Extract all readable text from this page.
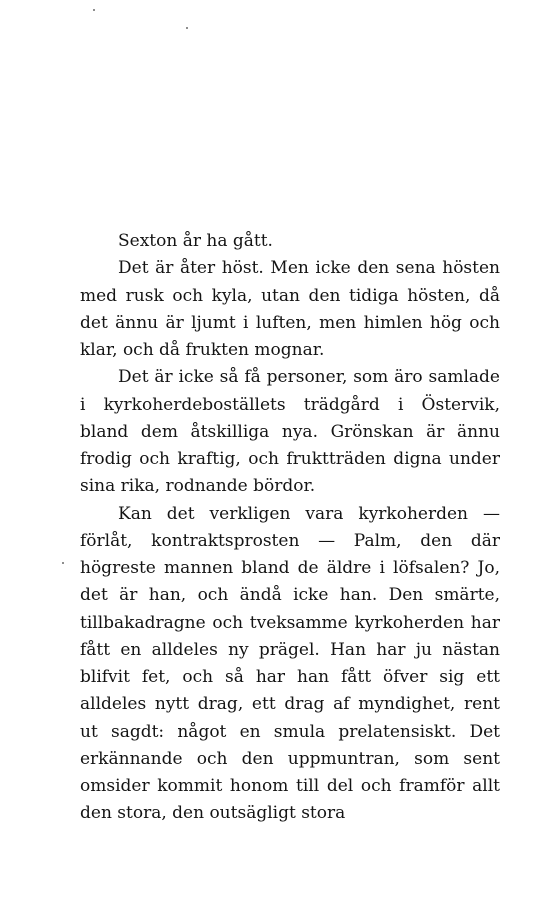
Sexton år ha gått.

Det är åter höst. Men icke den sena hösten med rusk och kyla, utan den tidiga hösten, då det ännu är ljumt i luften, men himlen hög och klar, och då frukten mognar.

Det är icke så få personer, som äro samlade i kyrkoherdeboställets trädgård i Östervik, bland dem åtskilliga nya. Grönskan är ännu frodig och kraftig, och fruktträden digna under sina rika, rodnande bördor.

Kan det verkligen vara kyrkoherden — förlåt, kontraktsprosten — Palm, den där högreste mannen bland de äldre i löfsalen? Jo, det är han, och ändå icke han. Den smärte, tillbakadragne och tveksamme kyrkoherden har fått en alldeles ny prägel. Han har ju nästan blifvit fet, och så har han fått öfver sig ett alldeles nytt drag, ett drag af myndighet, rent ut sagdt: något en smula prelatensiskt. Det erkännande och den uppmuntran, som sent omsider kommit honom till del och framför allt den stora, den outsägligt stora
